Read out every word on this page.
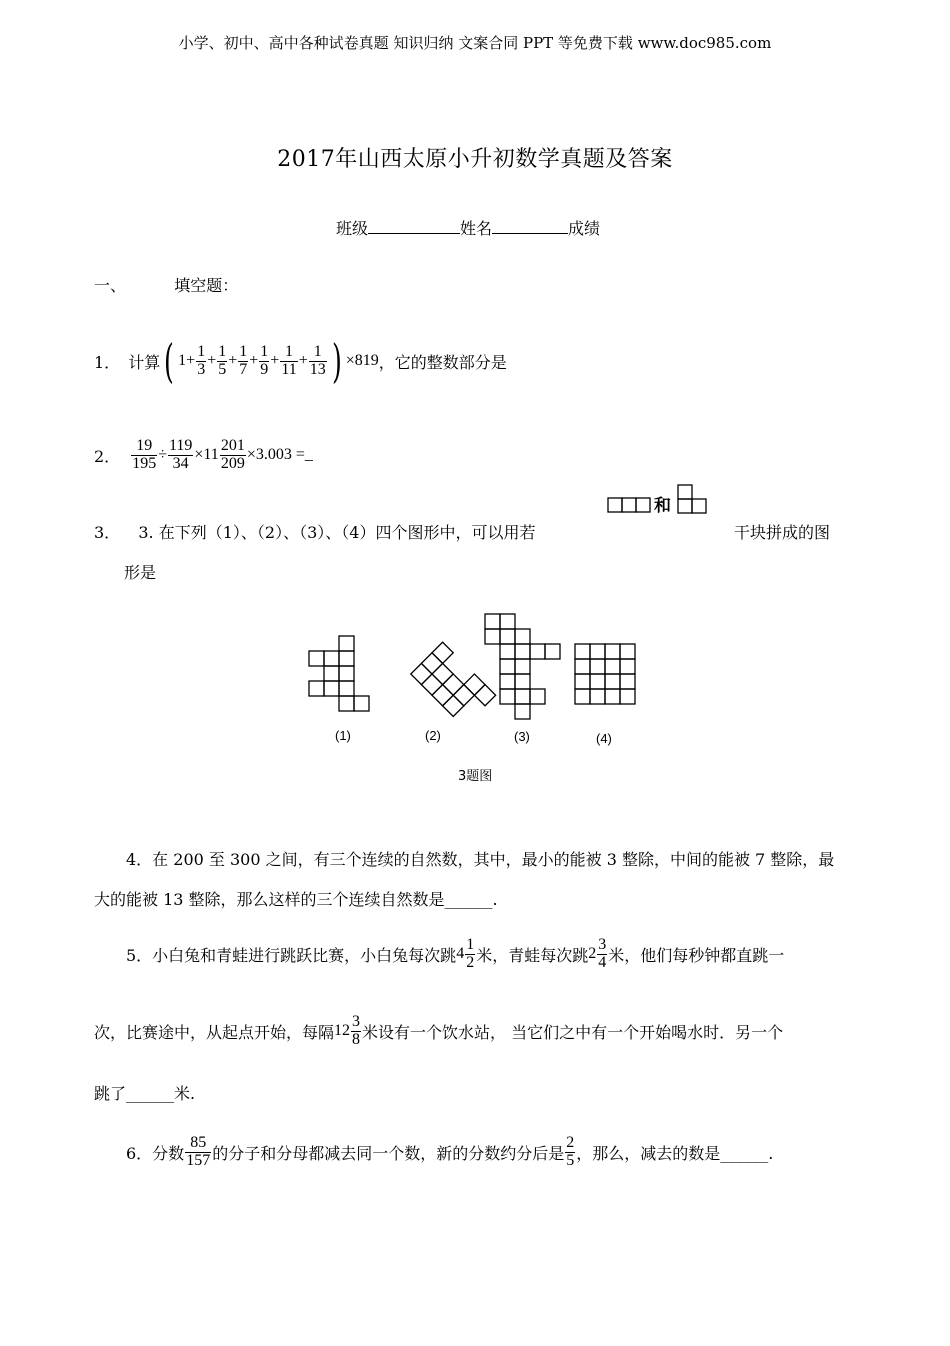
小学、初中、高中各种试卷真题 知识归纳 文案合同 PPT 等免费下载 www.doc985.com
2017年山西太原小升初数学真题及答案
班级	姓名	成绩
一、	填空题：
1． 计算 ( $1 + \frac{1}{3} + \frac{1}{5} + \frac{1}{7} + \frac{1}{9} + \frac{1}{11} + \frac{1}{13}$ ) ×819 ，它的整数部分是
2． $\frac{19}{195} \div \frac{119}{34} \times 11 \frac{201}{209} \times 3.003$ = _
和
3． 3. 在下列（1）、（2）、（3）、（4）四个图形中，可以用若	干块拼成的图
形是
(1)	(2)	(3)	(4)
3题图
4．在 200 至 300 之间，有三个连续的自然数，其中，最小的能被 3 整除，中间的能被 7 整除，最
大的能被 13 整除，那么这样的三个连续自然数是______.
5．小白兔和青蛙进行跳跃比赛，小白兔每次跳 $4 \frac{1}{2}$ 米，青蛙每次跳 $2 \frac{3}{4}$ 米，他们每秒钟都直跳一
次，比赛途中，从起点开始，每隔 $12 \frac{3}{8}$ 米设有一个饮水站， 当它们之中有一个开始喝水时．另一个
跳了______米.
6．分数 $\frac{85}{157}$ 的分子和分母都减去同一个数，新的分数约分后是 $\frac{2}{5}$ ，那么，减去的数是______.
